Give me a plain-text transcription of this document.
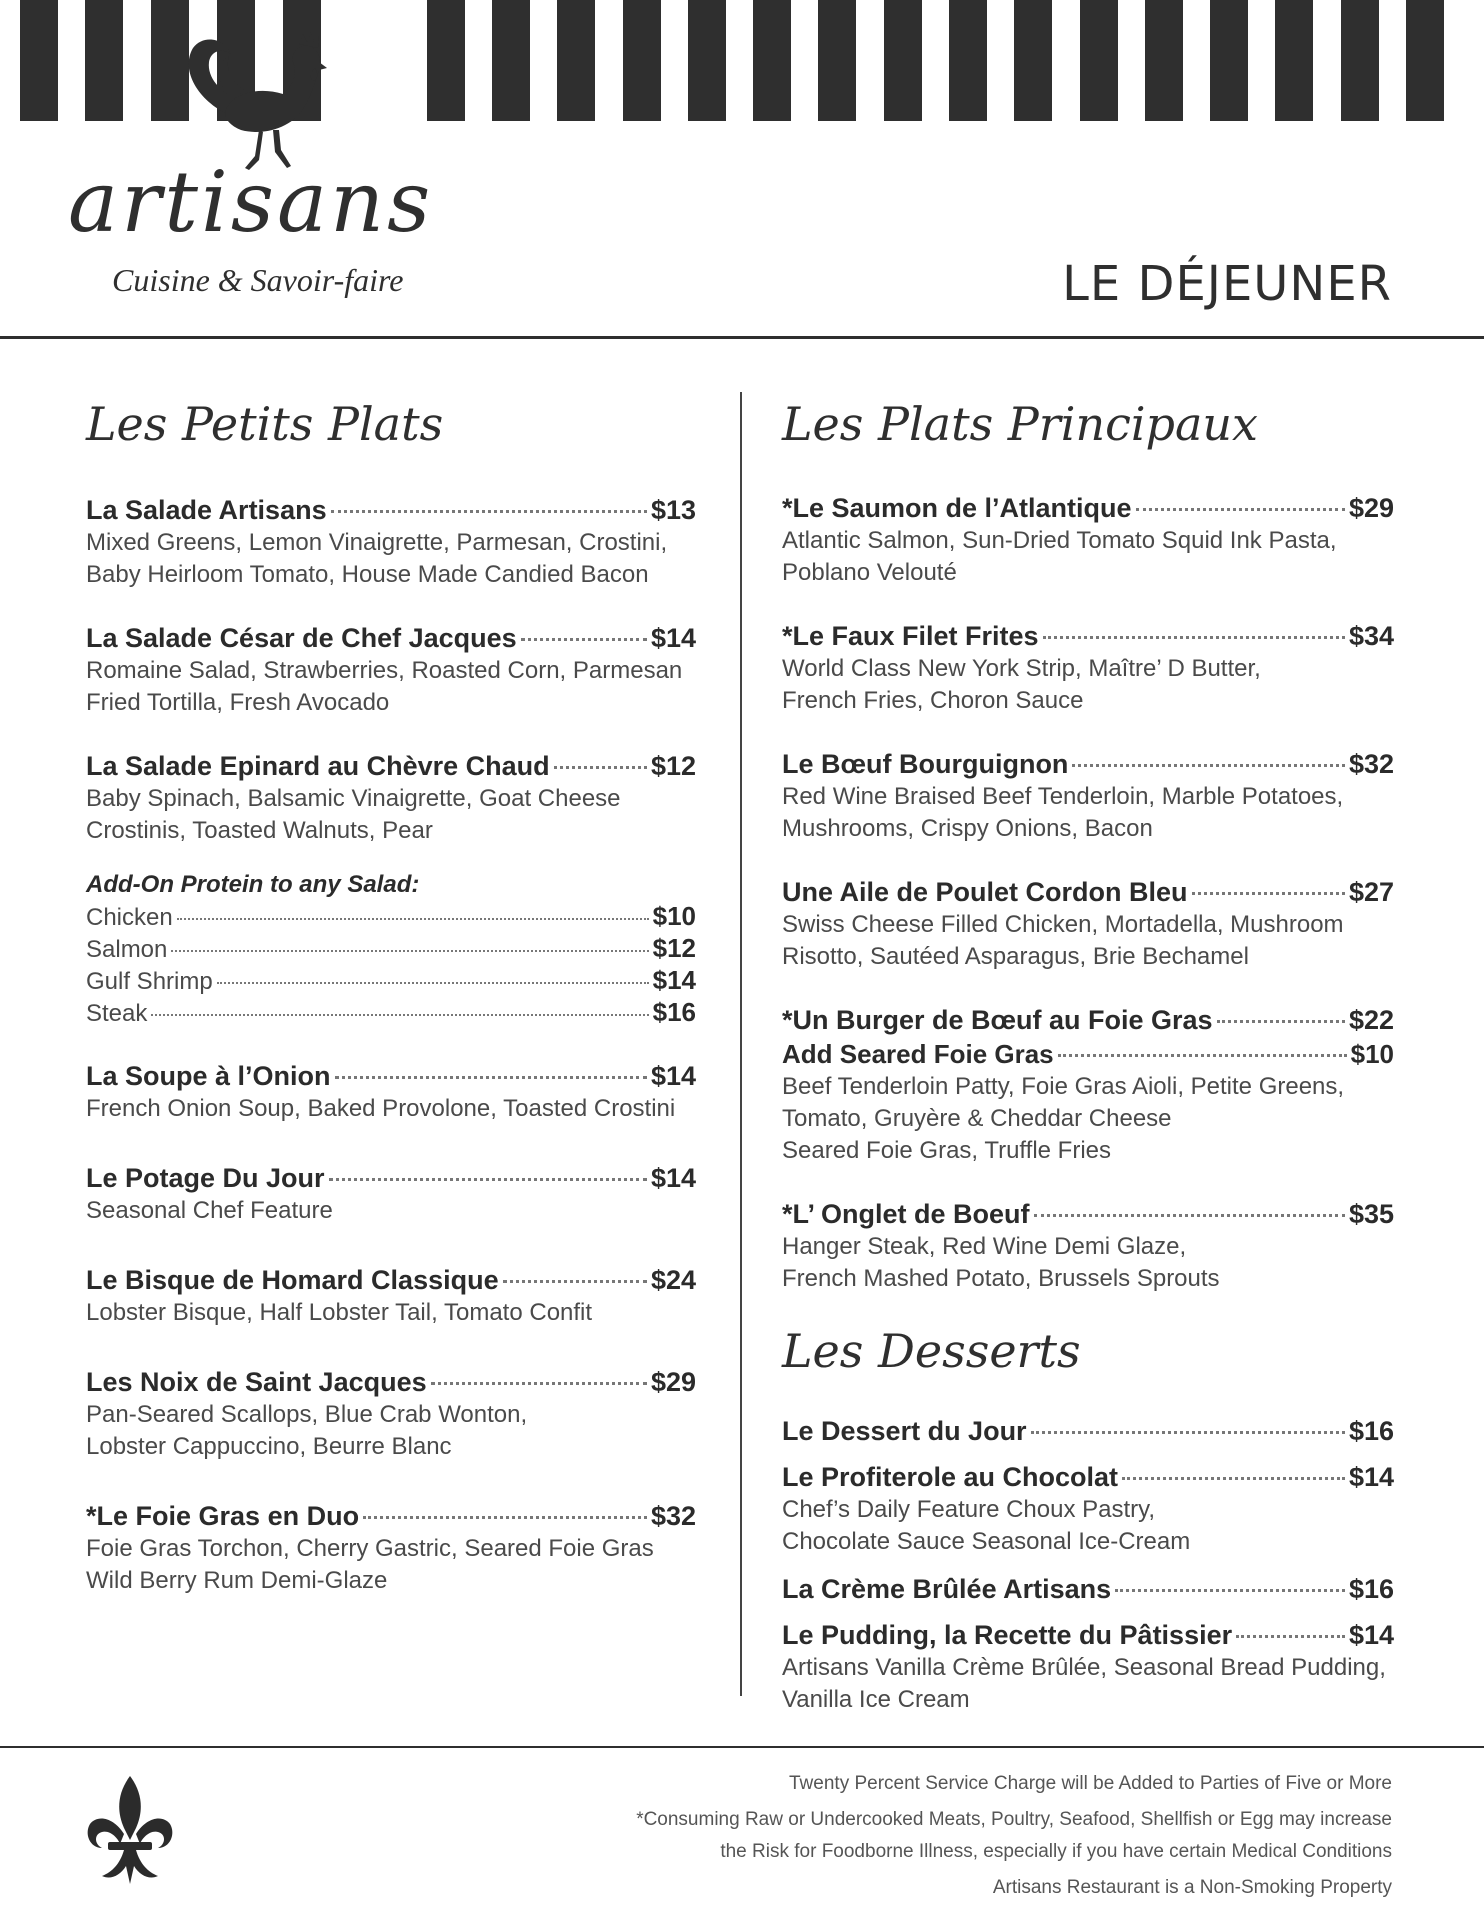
artisans
Cuisine & Savoir-faire	LE DÉJEUNER
Les Petits Plats
La Salade Artisans	$13
Mixed Greens, Lemon Vinaigrette, Parmesan, Crostini,
Baby Heirloom Tomato, House Made Candied Bacon
La Salade César de Chef Jacques	$14
Romaine Salad, Strawberries, Roasted Corn, Parmesan
Fried Tortilla, Fresh Avocado
La Salade Epinard au Chèvre Chaud	$12
Baby Spinach, Balsamic Vinaigrette, Goat Cheese
Crostinis, Toasted Walnuts, Pear
Add-On Protein to any Salad:
Chicken	$10
Salmon	$12
Gulf Shrimp	$14
Steak	$16
La Soupe à l’Onion	$14
French Onion Soup, Baked Provolone, Toasted Crostini
Le Potage Du Jour	$14
Seasonal Chef Feature
Le Bisque de Homard Classique	$24
Lobster Bisque, Half Lobster Tail, Tomato Confit
Les Noix de Saint Jacques	$29
Pan-Seared Scallops, Blue Crab Wonton,
Lobster Cappuccino, Beurre Blanc
*Le Foie Gras en Duo	$32
Foie Gras Torchon, Cherry Gastric, Seared Foie Gras
Wild Berry Rum Demi-Glaze
Les Plats Principaux
*Le Saumon de l’Atlantique	$29
Atlantic Salmon, Sun-Dried Tomato Squid Ink Pasta,
Poblano Velouté
*Le Faux Filet Frites	$34
World Class New York Strip, Maître’ D Butter,
French Fries, Choron Sauce
Le Bœuf Bourguignon	$32
Red Wine Braised Beef Tenderloin, Marble Potatoes,
Mushrooms, Crispy Onions, Bacon
Une Aile de Poulet Cordon Bleu	$27
Swiss Cheese Filled Chicken, Mortadella, Mushroom
Risotto, Sautéed Asparagus, Brie Bechamel
*Un Burger de Bœuf au Foie Gras	$22
Add Seared Foie Gras	$10
Beef Tenderloin Patty, Foie Gras Aioli, Petite Greens,
Tomato, Gruyère & Cheddar Cheese
Seared Foie Gras, Truffle Fries
*L’ Onglet de Boeuf	$35
Hanger Steak, Red Wine Demi Glaze,
French Mashed Potato, Brussels Sprouts
Les Desserts
Le Dessert du Jour	$16
Le Profiterole au Chocolat	$14
Chef’s Daily Feature Choux Pastry,
Chocolate Sauce Seasonal Ice-Cream
La Crème Brûlée Artisans	$16
Le Pudding, la Recette du Pâtissier	$14
Artisans Vanilla Crème Brûlée, Seasonal Bread Pudding,
Vanilla Ice Cream
Twenty Percent Service Charge will be Added to Parties of Five or More
*Consuming Raw or Undercooked Meats, Poultry, Seafood, Shellfish or Egg may increase
the Risk for Foodborne Illness, especially if you have certain Medical Conditions
Artisans Restaurant is a Non-Smoking Property
